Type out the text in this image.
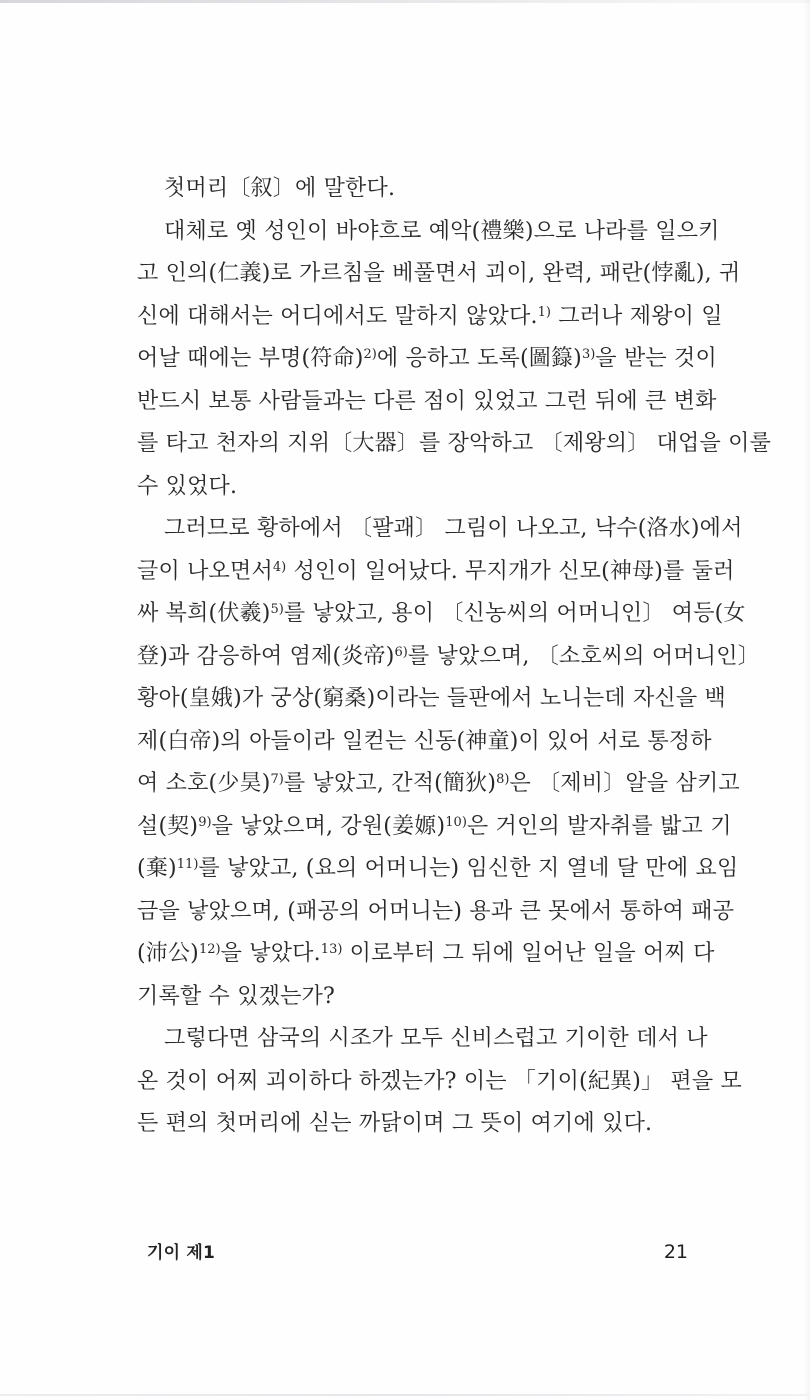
첫머리〔叙〕에 말한다.
대체로 옛 성인이 바야흐로 예악(禮樂)으로 나라를 일으키
고 인의(仁義)로 가르침을 베풀면서 괴이, 완력, 패란(悖亂), 귀
신에 대해서는 어디에서도 말하지 않았다.$^{1)}$ 그러나 제왕이 일
어날 때에는 부명(符命)$^{2)}$에 응하고 도록(圖籙)$^{3)}$을 받는 것이
반드시 보통 사람들과는 다른 점이 있었고 그런 뒤에 큰 변화
를 타고 천자의 지위〔大器〕를 장악하고 〔제왕의〕 대업을 이룰
수 있었다.
그러므로 황하에서 〔팔괘〕 그림이 나오고, 낙수(洛水)에서
글이 나오면서$^{4)}$ 성인이 일어났다. 무지개가 신모(神母)를 둘러
싸 복희(伏羲)$^{5)}$를 낳았고, 용이 〔신농씨의 어머니인〕 여등(女
登)과 감응하여 염제(炎帝)$^{6)}$를 낳았으며, 〔소호씨의 어머니인〕
황아(皇娥)가 궁상(窮桑)이라는 들판에서 노니는데 자신을 백
제(白帝)의 아들이라 일컫는 신동(神童)이 있어 서로 통정하
여 소호(少昊)$^{7)}$를 낳았고, 간적(簡狄)$^{8)}$은 〔제비〕알을 삼키고
설(契)$^{9)}$을 낳았으며, 강원(姜嫄)$^{10)}$은 거인의 발자취를 밟고 기
(棄)$^{11)}$를 낳았고, (요의 어머니는) 임신한 지 열네 달 만에 요임
금을 낳았으며, (패공의 어머니는) 용과 큰 못에서 통하여 패공
(沛公)$^{12)}$을 낳았다.$^{13)}$ 이로부터 그 뒤에 일어난 일을 어찌 다
기록할 수 있겠는가?
그렇다면 삼국의 시조가 모두 신비스럽고 기이한 데서 나
온 것이 어찌 괴이하다 하겠는가? 이는 「기이(紀異)」 편을 모
든 편의 첫머리에 싣는 까닭이며 그 뜻이 여기에 있다.
기이 제1	21
